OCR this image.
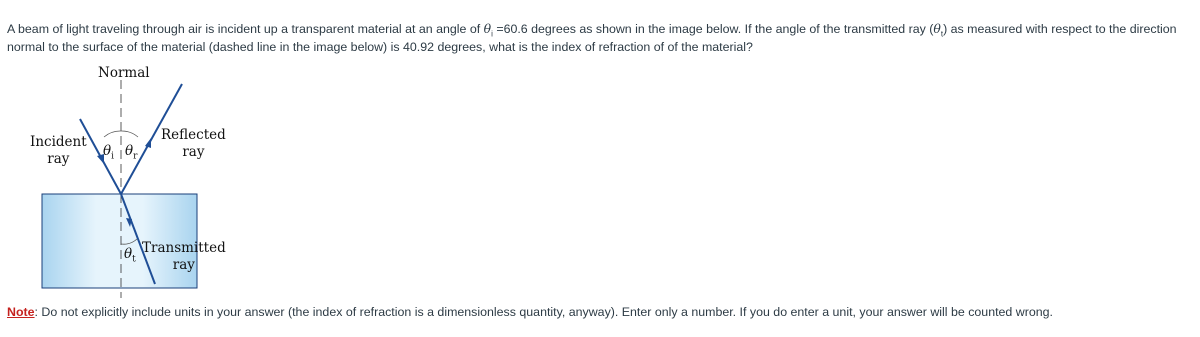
A beam of light traveling through air is incident up a transparent material at an angle of $\theta_i =60.6$ degrees as shown in the image below. If the angle of the transmitted ray $(\theta_t)$ as measured with respect to the direction normal to the surface of the material (dashed line in the image below) is 40.92 degrees, what is the index of refraction of of the material?
Normal
Incident
ray
Reflected
ray
Transmitted
ray
$\theta_i$ $\theta_r$
$\theta_t$
Note: Do not explicitly include units in your answer (the index of refraction is a dimensionless quantity, anyway). Enter only a number. If you do enter a unit, your answer will be counted wrong.
